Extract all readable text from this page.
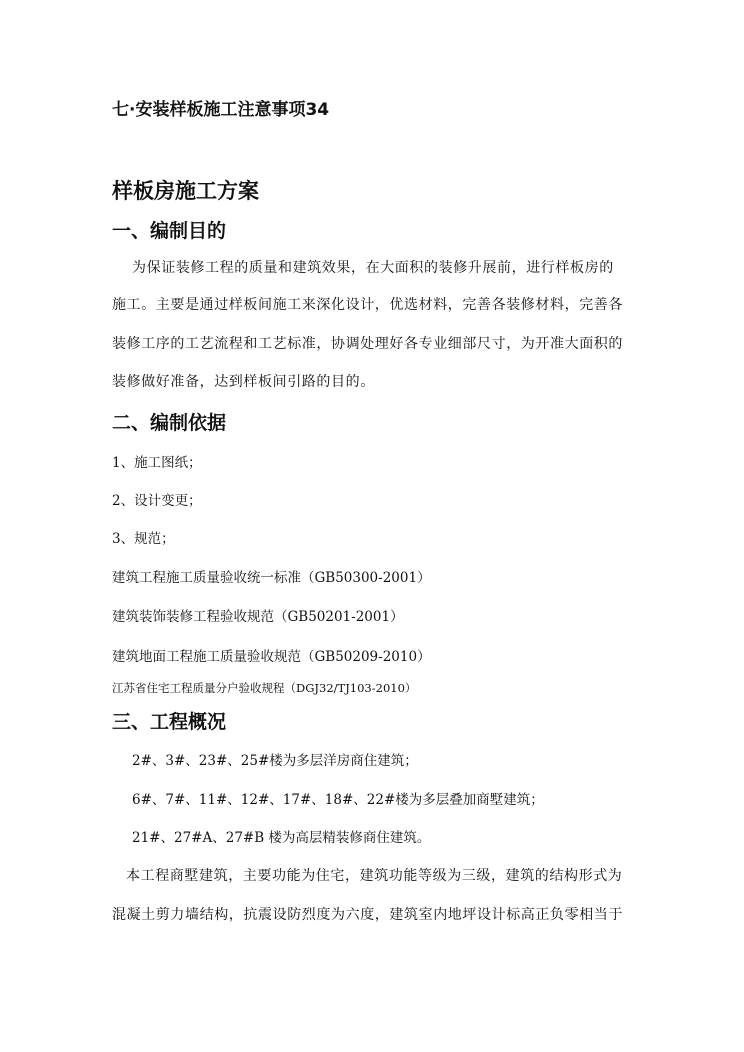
七·安装样板施工注意事项34
样板房施工方案
一、编制目的
为保证装修工程的质量和建筑效果，在大面积的装修升展前，进行样板房的
施工。主要是通过样板间施工来深化设计，优选材料，完善各装修材料，完善各
装修工序的工艺流程和工艺标准，协调处理好各专业细部尺寸，为开准大面积的
装修做好准备，达到样板间引路的目的。
二、编制依据
1、施工图纸；
2、设计变更；
3、规范；
建筑工程施工质量验收统一标准（GB50300-2001）
建筑装饰装修工程验收规范（GB50201-2001）
建筑地面工程施工质量验收规范（GB50209-2010）
江苏省住宅工程质量分户验收规程（DGJ32/TJ103-2010）
三、工程概况
2#、3#、23#、25#楼为多层洋房商住建筑；
6#、7#、11#、12#、17#、18#、22#楼为多层叠加商墅建筑；
21#、27#A、27#B 楼为高层精装修商住建筑。
本工程商墅建筑，主要功能为住宅，建筑功能等级为三级，建筑的结构形式为
混凝土剪力墙结构，抗震设防烈度为六度，建筑室内地坪设计标高正负零相当于
